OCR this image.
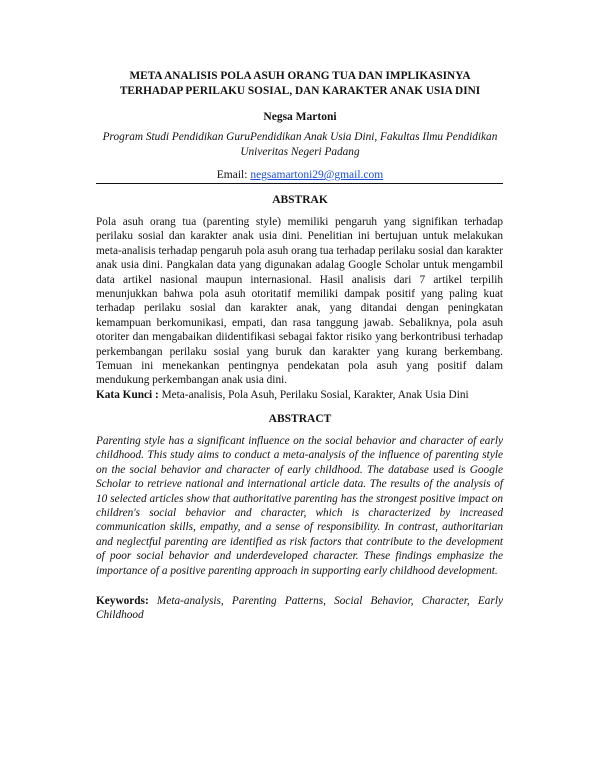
META ANALISIS POLA ASUH ORANG TUA DAN IMPLIKASINYA
TERHADAP PERILAKU SOSIAL, DAN KARAKTER ANAK USIA DINI
Negsa Martoni
Program Studi Pendidikan GuruPendidikan Anak Usia Dini, Fakultas Ilmu Pendidikan Univeritas Negeri Padang
Email: negsamartoni29@gmail.com
ABSTRAK
Pola asuh orang tua (parenting style) memiliki pengaruh yang signifikan terhadap perilaku sosial dan karakter anak usia dini. Penelitian ini bertujuan untuk melakukan meta-analisis terhadap pengaruh pola asuh orang tua terhadap perilaku sosial dan karakter anak usia dini. Pangkalan data yang digunakan adalag Google Scholar untuk mengambil data artikel nasional maupun internasional. Hasil analisis dari 7 artikel terpilih menunjukkan bahwa pola asuh otoritatif memiliki dampak positif yang paling kuat terhadap perilaku sosial dan karakter anak, yang ditandai dengan peningkatan kemampuan berkomunikasi, empati, dan rasa tanggung jawab. Sebaliknya, pola asuh otoriter dan mengabaikan diidentifikasi sebagai faktor risiko yang berkontribusi terhadap perkembangan perilaku sosial yang buruk dan karakter yang kurang berkembang. Temuan ini menekankan pentingnya pendekatan pola asuh yang positif dalam mendukung perkembangan anak usia dini.
Kata Kunci : Meta-analisis, Pola Asuh, Perilaku Sosial, Karakter, Anak Usia Dini
ABSTRACT
Parenting style has a significant influence on the social behavior and character of early childhood. This study aims to conduct a meta-analysis of the influence of parenting style on the social behavior and character of early childhood. The database used is Google Scholar to retrieve national and international article data. The results of the analysis of 10 selected articles show that authoritative parenting has the strongest positive impact on children's social behavior and character, which is characterized by increased communication skills, empathy, and a sense of responsibility. In contrast, authoritarian and neglectful parenting are identified as risk factors that contribute to the development of poor social behavior and underdeveloped character. These findings emphasize the importance of a positive parenting approach in supporting early childhood development.
Keywords: Meta-analysis, Parenting Patterns, Social Behavior, Character, Early Childhood
